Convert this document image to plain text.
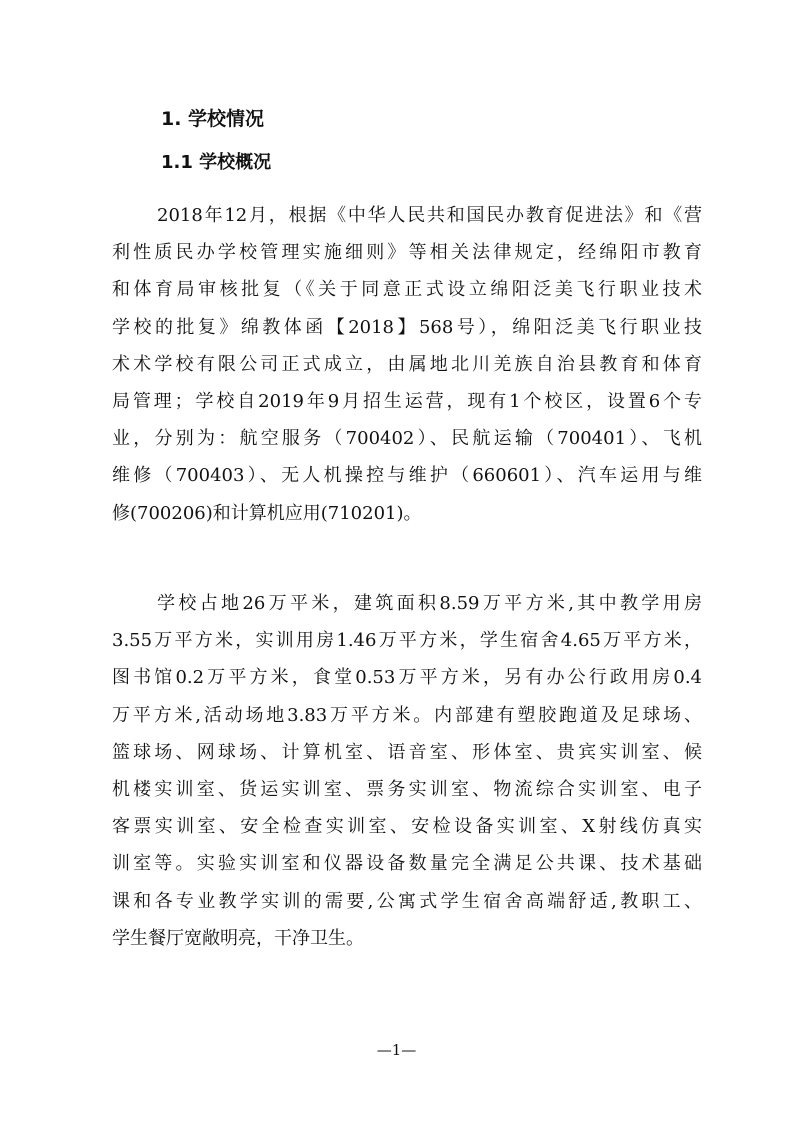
1. 学校情况
1.1 学校概况
2018年12月，根据《中华人民共和国民办教育促进法》和《营
利性质民办学校管理实施细则》等相关法律规定，经绵阳市教育
和体育局审核批复（《关于同意正式设立绵阳泛美飞行职业技术
学校的批复》绵教体函【2018】568号），绵阳泛美飞行职业技
术术学校有限公司正式成立，由属地北川羌族自治县教育和体育
局管理；学校自2019年9月招生运营，现有1个校区，设置6个专
业，分别为：航空服务（700402）、民航运输（700401）、飞机
维修（700403）、无人机操控与维护（660601）、汽车运用与维
修(700206)和计算机应用(710201)。
学校占地26万平米，建筑面积8.59万平方米,其中教学用房
3.55万平方米，实训用房1.46万平方米，学生宿舍4.65万平方米，
图书馆0.2万平方米，食堂0.53万平方米，另有办公行政用房0.4
万平方米,活动场地3.83万平方米。内部建有塑胶跑道及足球场、
篮球场、网球场、计算机室、语音室、形体室、贵宾实训室、候
机楼实训室、货运实训室、票务实训室、物流综合实训室、电子
客票实训室、安全检查实训室、安检设备实训室、X射线仿真实
训室等。实验实训室和仪器设备数量完全满足公共课、技术基础
课和各专业教学实训的需要,公寓式学生宿舍高端舒适,教职工、
学生餐厅宽敞明亮，干净卫生。
—1—
